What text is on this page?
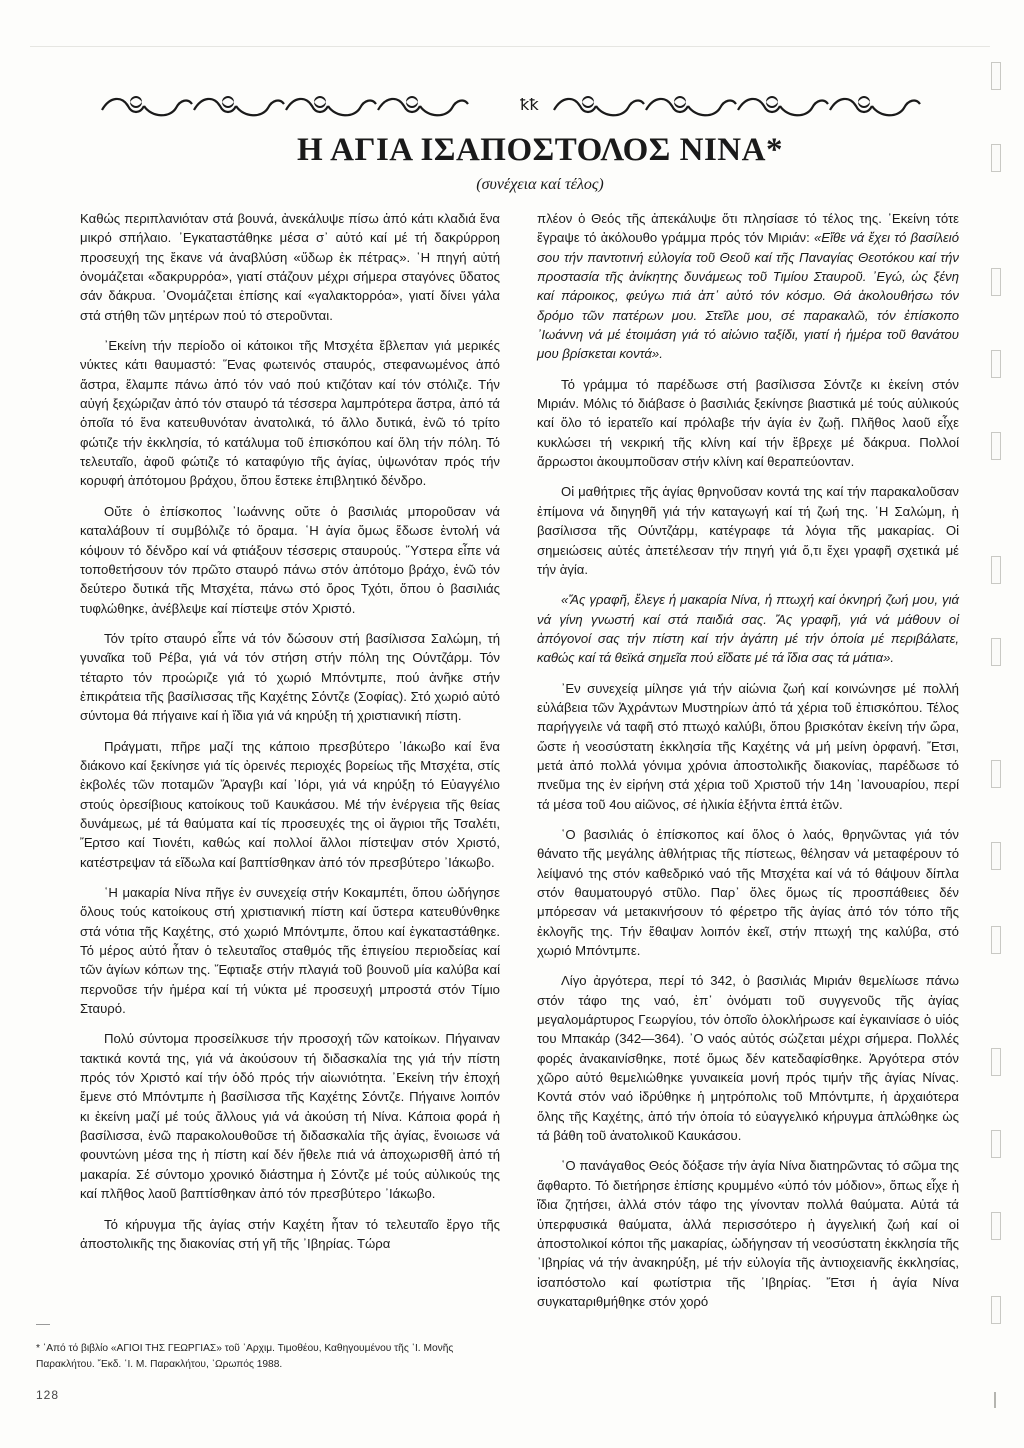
ꝁꝁ
Η ΑΓΙΑ ΙΣΑΠΟΣΤΟΛΟΣ ΝΙΝΑ*
(συνέχεια καί τέλος)

Καθώς περιπλανιόταν στά βουνά, ἀνεκάλυψε πίσω ἀπό κάτι κλαδιά ἕνα μικρό σπήλαιο. ᾿Εγκαταστάθηκε μέσα σ᾿ αὐτό καί μέ τή δακρύρροη προσευχή της ἔκανε νά ἀναβλύση «ὕδωρ ἐκ πέτρας». ῾Η πηγή αὐτή ὀνομάζεται «δακρυρρόα», γιατί στάζουν μέχρι σήμερα σταγόνες ὕδατος σάν δάκρυα. ᾿Ονομάζεται ἐπίσης καί «γαλακτορρόα», γιατί δίνει γάλα στά στήθη τῶν μητέρων πού τό στεροῦνται.

᾿Εκείνη τήν περίοδο οἱ κάτοικοι τῆς Μτσχέτα ἔβλεπαν γιά μερικές νύκτες κάτι θαυμαστό: Ἕνας φωτεινός σταυρός, στεφανωμένος ἀπό ἄστρα, ἔλαμπε πάνω ἀπό τόν ναό πού κτιζόταν καί τόν στόλιζε. Τήν αὐγή ξεχώριζαν ἀπό τόν σταυρό τά τέσσερα λαμπρότερα ἄστρα, ἀπό τά ὁποῖα τό ἕνα κατευθυνόταν ἀνατολικά, τό ἄλλο δυτικά, ἐνῶ τό τρίτο φώτιζε τήν ἐκκλησία, τό κατάλυμα τοῦ ἐπισκόπου καί ὅλη τήν πόλη. Τό τελευταῖο, ἀφοῦ φώτιζε τό καταφύγιο τῆς ἁγίας, ὑψωνόταν πρός τήν κορυφή ἀπότομου βράχου, ὅπου ἔστεκε ἐπιβλητικό δένδρο.

Οὔτε ὁ ἐπίσκοπος ᾿Ιωάννης οὔτε ὁ βασιλιάς μποροῦσαν νά καταλάβουν τί συμβόλιζε τό ὅραμα. ῾Η ἁγία ὅμως ἔδωσε ἐντολή νά κόψουν τό δένδρο καί νά φτιάξουν τέσσερις σταυρούς. Ὕστερα εἶπε νά τοποθετήσουν τόν πρῶτο σταυρό πάνω στόν ἀπότομο βράχο, ἐνῶ τόν δεύτερο δυτικά τῆς Μτσχέτα, πάνω στό ὄρος Τχότι, ὅπου ὁ βασιλιάς τυφλώθηκε, ἀνέβλεψε καί πίστεψε στόν Χριστό.

Τόν τρίτο σταυρό εἶπε νά τόν δώσουν στή βασίλισσα Σαλώμη, τή γυναῖκα τοῦ Ρέβα, γιά νά τόν στήση στήν πόλη της Ούντζάρμ. Τόν τέταρτο τόν προώριζε γιά τό χωριό Μπόντμπε, πού ἀνῆκε στήν ἐπικράτεια τῆς βασίλισσας τῆς Καχέτης Σόντζε (Σοφίας). Στό χωριό αὐτό σύντομα θά πήγαινε καί ἡ ἴδια γιά νά κηρύξη τή χριστιανική πίστη.

Πράγματι, πῆρε μαζί της κάποιο πρεσβύτερο ᾿Ιάκωβο καί ἕνα διάκονο καί ξεκίνησε γιά τίς ὀρεινές περιοχές βορείως τῆς Μτσχέτα, στίς ἐκβολές τῶν ποταμῶν Ἄραγβι καί ᾿Ιόρι, γιά νά κηρύξη τό Εὐαγγέλιο στούς ὀρεσίβιους κατοίκους τοῦ Καυκάσου. Μέ τήν ἐνέργεια τῆς θείας δυνάμεως, μέ τά θαύματα καί τίς προσευχές της οἱ ἄγριοι τῆς Τσαλέτι, Ἔρτσο καί Τιονέτι, καθώς καί πολλοί ἄλλοι πίστεψαν στόν Χριστό, κατέστρεψαν τά εἴδωλα καί βαπτίσθηκαν ἀπό τόν πρεσβύτερο ᾿Ιάκωβο.

῾Η μακαρία Νίνα πῆγε ἐν συνεχείᾳ στήν Κοκαμπέτι, ὅπου ὡδήγησε ὅλους τούς κατοίκους στή χριστιανική πίστη καί ὕστερα κατευθύνθηκε στά νότια τῆς Καχέτης, στό χωριό Μπόντμπε, ὅπου καί ἐγκαταστάθηκε. Τό μέρος αὐτό ἦταν ὁ τελευταῖος σταθμός τῆς ἐπιγείου περιοδείας καί τῶν ἁγίων κόπων της. Ἔφτιαξε στήν πλαγιά τοῦ βουνοῦ μία καλύβα καί περνοῦσε τήν ἡμέρα καί τή νύκτα μέ προσευχή μπροστά στόν Τίμιο Σταυρό.

Πολύ σύντομα προσείλκυσε τήν προσοχή τῶν κατοίκων. Πήγαιναν τακτικά κοντά της, γιά νά ἀκούσουν τή διδασκαλία της γιά τήν πίστη πρός τόν Χριστό καί τήν ὁδό πρός τήν αἰωνιότητα. ᾿Εκείνη τήν ἐποχή ἔμενε στό Μπόντμπε ἡ βασίλισσα τῆς Καχέτης Σόντζε. Πήγαινε λοιπόν κι ἐκείνη μαζί μέ τούς ἄλλους γιά νά ἀκούση τή Νίνα. Κάποια φορά ἡ βασίλισσα, ἐνῶ παρακολουθοῦσε τή διδασκαλία τῆς ἁγίας, ἔνοιωσε νά φουντώνη μέσα της ἡ πίστη καί δέν ἤθελε πιά νά ἀποχωρισθῆ ἀπό τή μακαρία. Σέ σύντομο χρονικό διάστημα ἡ Σόντζε μέ τούς αὐλικούς της καί πλῆθος λαοῦ βαπτίσθηκαν ἀπό τόν πρεσβύτερο ᾿Ιάκωβο.

Τό κήρυγμα τῆς ἁγίας στήν Καχέτη ἦταν τό τελευταῖο ἔργο τῆς ἀποστολικῆς της διακονίας στή γῆ τῆς ᾿Ιβηρίας. Τώρα

πλέον ὁ Θεός τῆς ἀπεκάλυψε ὅτι πλησίασε τό τέλος της. ᾿Εκείνη τότε ἔγραψε τό ἀκόλουθο γράμμα πρός τόν Μιριάν: «Εἴθε νά ἔχει τό βασίλειό σου τήν παντοτινή εὐλογία τοῦ Θεοῦ καί τῆς Παναγίας Θεοτόκου καί τήν προστασία τῆς ἀνίκητης δυνάμεως τοῦ Τιμίου Σταυροῦ. ᾿Εγώ, ὡς ξένη καί πάροικος, φεύγω πιά ἀπ᾿ αὐτό τόν κόσμο. Θά ἀκολουθήσω τόν δρόμο τῶν πατέρων μου. Στεῖλε μου, σέ παρακαλῶ, τόν ἐπίσκοπο ᾿Ιωάννη νά μέ ἑτοιμάση γιά τό αἰώνιο ταξίδι, γιατί ἡ ἡμέρα τοῦ θανάτου μου βρίσκεται κοντά».

Τό γράμμα τό παρέδωσε στή βασίλισσα Σόντζε κι ἐκείνη στόν Μιριάν. Μόλις τό διάβασε ὁ βασιλιάς ξεκίνησε βιαστικά μέ τούς αὐλικούς καί ὅλο τό ἱερατεῖο καί πρόλαβε τήν ἁγία ἐν ζωῇ. Πλῆθος λαοῦ εἶχε κυκλώσει τή νεκρική τῆς κλίνη καί τήν ἔβρεχε μέ δάκρυα. Πολλοί ἄρρωστοι ἀκουμποῦσαν στήν κλίνη καί θεραπεύονταν.

Οἱ μαθήτριες τῆς ἁγίας θρηνοῦσαν κοντά της καί τήν παρακαλοῦσαν ἐπίμονα νά διηγηθῆ γιά τήν καταγωγή καί τή ζωή της. ῾Η Σαλώμη, ἡ βασίλισσα τῆς Ούντζάρμ, κατέγραφε τά λόγια τῆς μακαρίας. Οἱ σημειώσεις αὐτές ἀπετέλεσαν τήν πηγή γιά ὅ,τι ἔχει γραφῆ σχετικά μέ τήν ἁγία.

«Ἄς γραφῆ, ἔλεγε ἡ μακαρία Νίνα, ἡ πτωχή καί ὀκνηρή ζωή μου, γιά νά γίνη γνωστή καί στά παιδιά σας. Ἄς γραφῆ, γιά νά μάθουν οἱ ἀπόγονοί σας τήν πίστη καί τήν ἀγάπη μέ τήν ὁποία μέ περιβάλατε, καθώς καί τά θεϊκά σημεῖα πού εἴδατε μέ τά ἴδια σας τά μάτια».

᾿Εν συνεχείᾳ μίλησε γιά τήν αἰώνια ζωή καί κοινώνησε μέ πολλή εὐλάβεια τῶν Ἀχράντων Μυστηρίων ἀπό τά χέρια τοῦ ἐπισκόπου. Τέλος παρήγγειλε νά ταφῆ στό πτωχό καλύβι, ὅπου βρισκόταν ἐκείνη τήν ὥρα, ὥστε ἡ νεοσύστατη ἐκκλησία τῆς Καχέτης νά μή μείνη ὀρφανή. Ἔτσι, μετά ἀπό πολλά γόνιμα χρόνια ἀποστολικῆς διακονίας, παρέδωσε τό πνεῦμα της ἐν εἰρήνη στά χέρια τοῦ Χριστοῦ τήν 14η ᾿Ιανουαρίου, περί τά μέσα τοῦ 4ου αἰῶνος, σέ ἡλικία ἑξήντα ἑπτά ἐτῶν.

῾Ο βασιλιάς ὁ ἐπίσκοπος καί ὅλος ὁ λαός, θρηνῶντας γιά τόν θάνατο τῆς μεγάλης ἀθλήτριας τῆς πίστεως, θέλησαν νά μεταφέρουν τό λείψανό της στόν καθεδρικό ναό τῆς Μτσχέτα καί νά τό θάψουν δίπλα στόν θαυματουργό στῦλο. Παρ᾿ ὅλες ὅμως τίς προσπάθειες δέν μπόρεσαν νά μετακινήσουν τό φέρετρο τῆς ἁγίας ἀπό τόν τόπο τῆς ἐκλογῆς της. Τήν ἔθαψαν λοιπόν ἐκεῖ, στήν πτωχή της καλύβα, στό χωριό Μπόντμπε.

Λίγο ἀργότερα, περί τό 342, ὁ βασιλιάς Μιριάν θεμελίωσε πάνω στόν τάφο της ναό, ἐπ᾿ ὀνόματι τοῦ συγγενοῦς τῆς ἁγίας μεγαλομάρτυρος Γεωργίου, τόν ὁποῖο ὁλοκλήρωσε καί ἐγκαινίασε ὁ υἱός του Μπακάρ (342—364). ᾿Ο ναός αὐτός σώζεται μέχρι σήμερα. Πολλές φορές ἀνακαινίσθηκε, ποτέ ὅμως δέν κατεδαφίσθηκε. Ἀργότερα στόν χῶρο αὐτό θεμελιώθηκε γυναικεία μονή πρός τιμήν τῆς ἁγίας Νίνας. Κοντά στόν ναό ἱδρύθηκε ἡ μητρόπολις τοῦ Μπόντμπε, ἡ ἀρχαιότερα ὅλης τῆς Καχέτης, ἀπό τήν ὁποία τό εὐαγγελικό κήρυγμα ἁπλώθηκε ὡς τά βάθη τοῦ ἀνατολικοῦ Καυκάσου.

῾Ο πανάγαθος Θεός δόξασε τήν ἁγία Νίνα διατηρῶντας τό σῶμα της ἄφθαρτο. Τό διετήρησε ἐπίσης κρυμμένο «ὑπό τόν μόδιον», ὅπως εἶχε ἡ ἴδια ζητήσει, ἀλλά στόν τάφο της γίνονταν πολλά θαύματα. Αὐτά τά ὑπερφυσικά θαύματα, ἀλλά περισσότερο ἡ ἀγγελική ζωή καί οἱ ἀποστολικοί κόποι τῆς μακαρίας, ὡδήγησαν τή νεοσύστατη ἐκκλησία τῆς ᾿Ιβηρίας νά τήν ἀνακηρύξη, μέ τήν εὐλογία τῆς ἀντιοχειανῆς ἐκκλησίας, ἰσαπόστολο καί φωτίστρια τῆς ᾿Ιβηρίας. Ἔτσι ἡ ἁγία Νίνα συγκαταριθμήθηκε στόν χορό

* ᾿Από τό βιβλίο «ΑΓΙΟΙ ΤΗΣ ΓΕΩΡΓΙΑΣ» τοῦ ᾿Αρχιμ. Τιμοθέου, Καθηγουμένου τῆς ῾Ι. Μονῆς Παρακλήτου. ῎Εκδ. ῾Ι. Μ. Παρακλήτου, ᾿Ωρωπός 1988.
128
